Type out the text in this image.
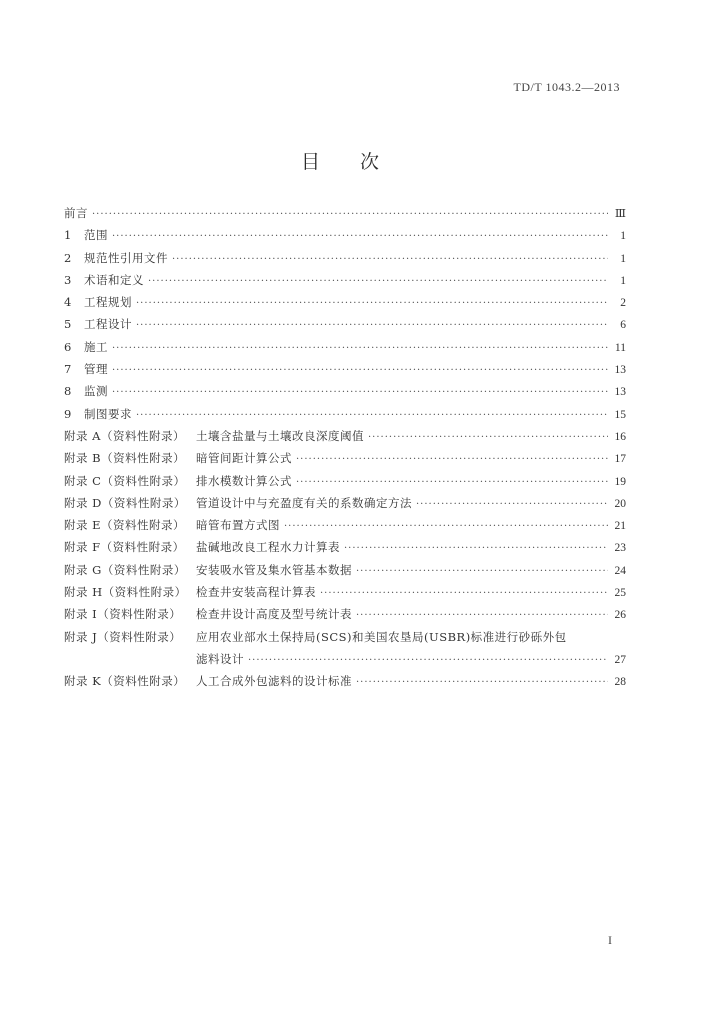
TD/T 1043.2—2013
目 次
前言 ·····	Ⅲ
1	范围 ·····	1
2	规范性引用文件 ·····	1
3	术语和定义 ·····	1
4	工程规划 ·····	2
5	工程设计 ·····	6
6	施工 ·····	11
7	管理 ·····	13
8	监测 ·····	13
9	制图要求 ·····	15
附录 A（资料性附录） 土壤含盐量与土壤改良深度阈值 ·····	16
附录 B（资料性附录） 暗管间距计算公式 ·····	17
附录 C（资料性附录） 排水模数计算公式 ·····	19
附录 D（资料性附录） 管道设计中与充盈度有关的系数确定方法 ·····	20
附录 E（资料性附录） 暗管布置方式图 ·····	21
附录 F（资料性附录） 盐碱地改良工程水力计算表 ·····	23
附录 G（资料性附录） 安装吸水管及集水管基本数据 ·····	24
附录 H（资料性附录） 检查井安装高程计算表 ·····	25
附录 I（资料性附录）	检查井设计高度及型号统计表 ·····	26
附录 J（资料性附录）	应用农业部水土保持局(SCS)和美国农垦局(USBR)标准进行砂砾外包
滤料设计 ·····	27
附录 K（资料性附录） 人工合成外包滤料的设计标准 ·····	28
I
